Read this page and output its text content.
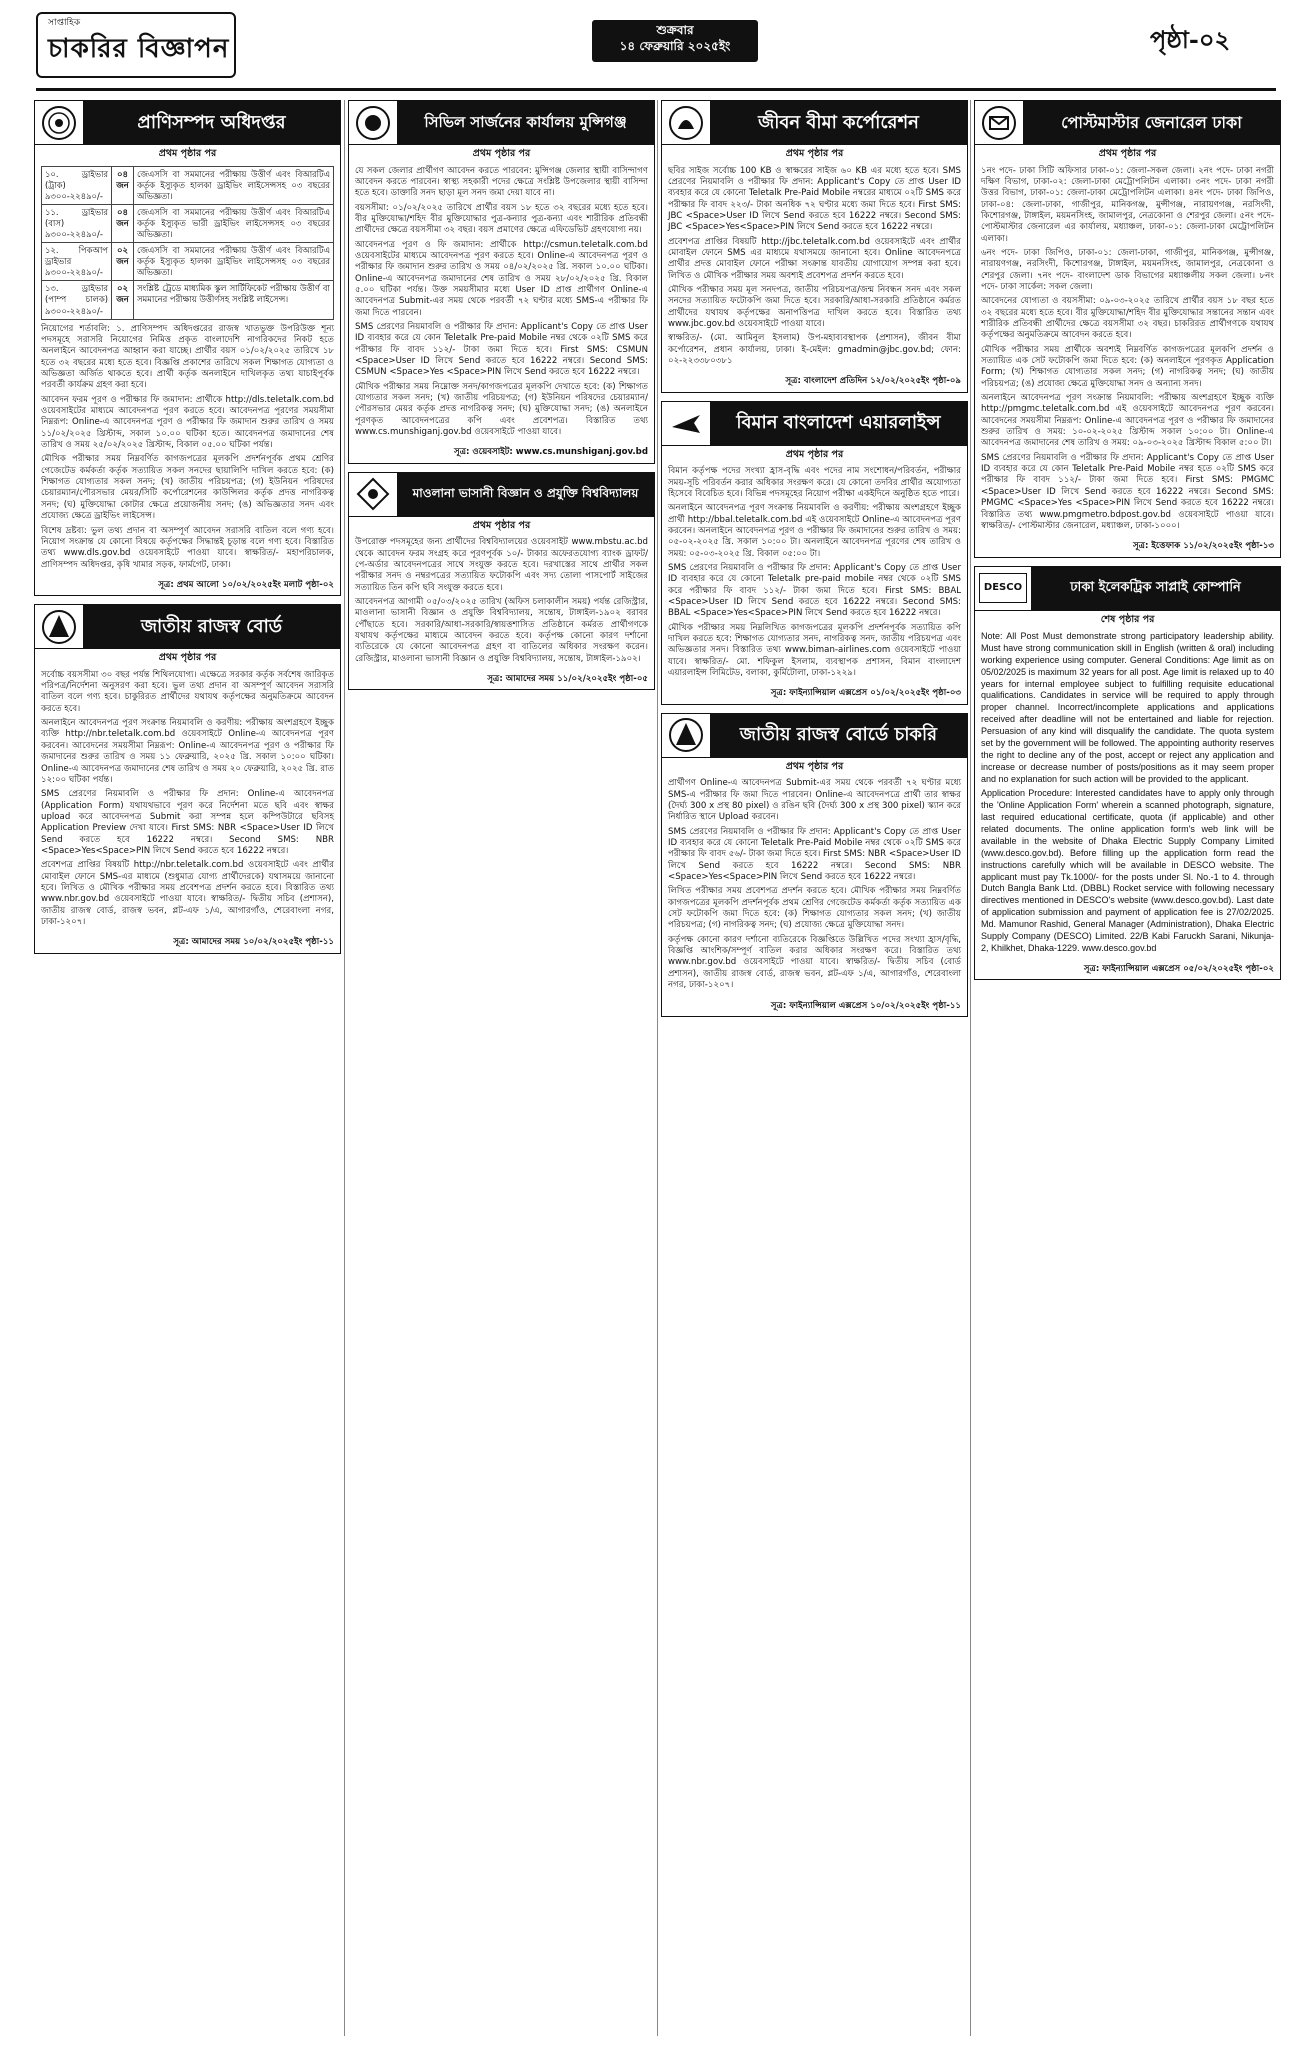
সাপ্তাহিক
চাকরির বিজ্ঞাপন
শুক্রবার
১৪ ফেব্রুয়ারি ২০২৫ইং	পৃষ্ঠা-০২
প্রাণিসম্পদ অধিদপ্তর
প্রথম পৃষ্ঠার পর
১০. ড্রাইভার (ট্রাক) ৯৩০০-২২৪৯০/-	০৪ জন	জেএসসি বা সমমানের পরীক্ষায় উত্তীর্ণ এবং বিআরটিএ কর্তৃক ইস্যুকৃত হালকা ড্রাইভিং লাইসেন্সসহ ০৩ বছরের অভিজ্ঞতা।
১১. ড্রাইভার (বাস) ৯৩০০-২২৪৯০/-	০৪ জন	জেএসসি বা সমমানের পরীক্ষায় উত্তীর্ণ এবং বিআরটিএ কর্তৃক ইস্যুকৃত ভারী ড্রাইভিং লাইসেন্সসহ ০৩ বছরের অভিজ্ঞতা।
১২. পিকআপ ড্রাইভার ৯৩০০-২২৪৯০/-	০২ জন	জেএসসি বা সমমানের পরীক্ষায় উত্তীর্ণ এবং বিআরটিএ কর্তৃক ইস্যুকৃত হালকা ড্রাইভিং লাইসেন্সসহ ০৩ বছরের অভিজ্ঞতা।
১৩. ড্রাইভার (পাম্প চালক) ৯৩০০-২২৪৯০/-	০২ জন	সংশ্লিষ্ট ট্রেডে মাধ্যমিক স্কুল সার্টিফিকেট পরীক্ষায় উত্তীর্ণ বা সমমানের পরীক্ষায় উত্তীর্ণসহ সংশ্লিষ্ট লাইসেন্স।

নিয়োগের শর্তাবলি: ১. প্রাণিসম্পদ অধিদপ্তরের রাজস্ব খাতভুক্ত উপরিউক্ত শূন্য পদসমূহে সরাসরি নিয়োগের নিমিত্ত প্রকৃত বাংলাদেশি নাগরিকদের নিকট হতে অনলাইনে আবেদনপত্র আহ্বান করা যাচ্ছে। প্রার্থীর বয়স ০১/০২/২০২৫ তারিখে ১৮ হতে ৩২ বছরের মধ্যে হতে হবে। বিজ্ঞপ্তি প্রকাশের তারিখে সকল শিক্ষাগত যোগ্যতা ও অভিজ্ঞতা অর্জিত থাকতে হবে। প্রার্থী কর্তৃক অনলাইনে দাখিলকৃত তথ্য যাচাইপূর্বক পরবর্তী কার্যক্রম গ্রহণ করা হবে।

আবেদন ফরম পূরণ ও পরীক্ষার ফি জমাদান: প্রার্থীকে http://dls.teletalk.com.bd ওয়েবসাইটের মাধ্যমে আবেদনপত্র পূরণ করতে হবে। আবেদনপত্র পূরণের সময়সীমা নিম্নরূপ: Online-এ আবেদনপত্র পূরণ ও পরীক্ষার ফি জমাদান শুরুর তারিখ ও সময় ১১/০২/২০২৫ খ্রিস্টাব্দ, সকাল ১০.০০ ঘটিকা হতে। আবেদনপত্র জমাদানের শেষ তারিখ ও সময় ২৫/০২/২০২৫ খ্রিস্টাব্দ, বিকাল ০৫.০০ ঘটিকা পর্যন্ত।

মৌখিক পরীক্ষার সময় নিম্নবর্ণিত কাগজপত্রের মূলকপি প্রদর্শনপূর্বক প্রথম শ্রেণির গেজেটেড কর্মকর্তা কর্তৃক সত্যায়িত সকল সনদের ছায়ালিপি দাখিল করতে হবে: (ক) শিক্ষাগত যোগ্যতার সকল সনদ; (খ) জাতীয় পরিচয়পত্র; (গ) ইউনিয়ন পরিষদের চেয়ারম্যান/পৌরসভার মেয়র/সিটি কর্পোরেশনের কাউন্সিলর কর্তৃক প্রদত্ত নাগরিকত্ব সনদ; (ঘ) মুক্তিযোদ্ধা কোটার ক্ষেত্রে প্রয়োজনীয় সনদ; (ঙ) অভিজ্ঞতার সনদ এবং প্রযোজ্য ক্ষেত্রে ড্রাইভিং লাইসেন্স।

বিশেষ দ্রষ্টব্য: ভুল তথ্য প্রদান বা অসম্পূর্ণ আবেদন সরাসরি বাতিল বলে গণ্য হবে। নিয়োগ সংক্রান্ত যে কোনো বিষয়ে কর্তৃপক্ষের সিদ্ধান্তই চূড়ান্ত বলে গণ্য হবে। বিস্তারিত তথ্য www.dls.gov.bd ওয়েবসাইটে পাওয়া যাবে। স্বাক্ষরিত/- মহাপরিচালক, প্রাণিসম্পদ অধিদপ্তর, কৃষি খামার সড়ক, ফার্মগেট, ঢাকা।

সূত্র: প্রথম আলো ১০/০২/২০২৫ইং মলাট পৃষ্ঠা-০২
জাতীয় রাজস্ব বোর্ড
প্রথম পৃষ্ঠার পর

সর্বোচ্চ বয়সসীমা ৩০ বছর পর্যন্ত শিথিলযোগ্য। এক্ষেত্রে সরকার কর্তৃক সর্বশেষ জারিকৃত পরিপত্র/নির্দেশনা অনুসরণ করা হবে। ভুল তথ্য প্রদান বা অসম্পূর্ণ আবেদন সরাসরি বাতিল বলে গণ্য হবে। চাকুরিরত প্রার্থীদের যথাযথ কর্তৃপক্ষের অনুমতিক্রমে আবেদন করতে হবে।

অনলাইনে আবেদনপত্র পূরণ সংক্রান্ত নিয়মাবলি ও করণীয়: পরীক্ষায় অংশগ্রহণে ইচ্ছুক ব্যক্তি http://nbr.teletalk.com.bd ওয়েবসাইটে Online-এ আবেদনপত্র পূরণ করবেন। আবেদনের সময়সীমা নিম্নরূপ: Online-এ আবেদনপত্র পূরণ ও পরীক্ষার ফি জমাদানের শুরুর তারিখ ও সময় ১১ ফেব্রুয়ারি, ২০২৫ খ্রি. সকাল ১০:০০ ঘটিকা। Online-এ আবেদনপত্র জমাদানের শেষ তারিখ ও সময় ২০ ফেব্রুয়ারি, ২০২৫ খ্রি. রাত ১২:০০ ঘটিকা পর্যন্ত।

SMS প্রেরণের নিয়মাবলি ও পরীক্ষার ফি প্রদান: Online-এ আবেদনপত্র (Application Form) যথাযথভাবে পূরণ করে নির্দেশনা মতে ছবি এবং স্বাক্ষর upload করে আবেদনপত্র Submit করা সম্পন্ন হলে কম্পিউটারে ছবিসহ Application Preview দেখা যাবে। First SMS: NBR <Space>User ID লিখে Send করতে হবে 16222 নম্বরে। Second SMS: NBR <Space>Yes<Space>PIN লিখে Send করতে হবে 16222 নম্বরে।

প্রবেশপত্র প্রাপ্তির বিষয়টি http://nbr.teletalk.com.bd ওয়েবসাইটে এবং প্রার্থীর মোবাইল ফোনে SMS-এর মাধ্যমে (শুধুমাত্র যোগ্য প্রার্থীদেরকে) যথাসময়ে জানানো হবে। লিখিত ও মৌখিক পরীক্ষার সময় প্রবেশপত্র প্রদর্শন করতে হবে। বিস্তারিত তথ্য www.nbr.gov.bd ওয়েবসাইটে পাওয়া যাবে। স্বাক্ষরিত/- দ্বিতীয় সচিব (প্রশাসন), জাতীয় রাজস্ব বোর্ড, রাজস্ব ভবন, প্লট-এফ ১/এ, আগারগাঁও, শেরেবাংলা নগর, ঢাকা-১২০৭।

সূত্র: আমাদের সময় ১০/০২/২০২৫ইং পৃষ্ঠা-১১
সিভিল সার্জনের কার্যালয় মুন্সিগঞ্জ
প্রথম পৃষ্ঠার পর

যে সকল জেলার প্রার্থীগণ আবেদন করতে পারবেন: মুন্সিগঞ্জ জেলার স্থায়ী বাসিন্দাগণ আবেদন করতে পারবেন। স্বাস্থ্য সহকারী পদের ক্ষেত্রে সংশ্লিষ্ট উপজেলার স্থায়ী বাসিন্দা হতে হবে। ডাক্তারি সনদ ছাড়া মূল সনদ জমা দেয়া যাবে না।

বয়সসীমা: ০১/০২/২০২৫ তারিখে প্রার্থীর বয়স ১৮ হতে ৩২ বছরের মধ্যে হতে হবে। বীর মুক্তিযোদ্ধা/শহিদ বীর মুক্তিযোদ্ধার পুত্র-কন্যার পুত্র-কন্যা এবং শারীরিক প্রতিবন্ধী প্রার্থীদের ক্ষেত্রে বয়সসীমা ৩২ বছর। বয়স প্রমাণের ক্ষেত্রে এফিডেভিট গ্রহণযোগ্য নয়।

আবেদনপত্র পূরণ ও ফি জমাদান: প্রার্থীকে http://csmun.teletalk.com.bd ওয়েবসাইটের মাধ্যমে আবেদনপত্র পূরণ করতে হবে। Online-এ আবেদনপত্র পূরণ ও পরীক্ষার ফি জমাদান শুরুর তারিখ ও সময় ০৪/০২/২০২৫ খ্রি. সকাল ১০.০০ ঘটিকা। Online-এ আবেদনপত্র জমাদানের শেষ তারিখ ও সময় ২৮/০২/২০২৫ খ্রি. বিকাল ৫.০০ ঘটিকা পর্যন্ত। উক্ত সময়সীমার মধ্যে User ID প্রাপ্ত প্রার্থীগণ Online-এ আবেদনপত্র Submit-এর সময় থেকে পরবর্তী ৭২ ঘণ্টার মধ্যে SMS-এ পরীক্ষার ফি জমা দিতে পারবেন।

SMS প্রেরণের নিয়মাবলি ও পরীক্ষার ফি প্রদান: Applicant's Copy তে প্রাপ্ত User ID ব্যবহার করে যে কোন Teletalk Pre-paid Mobile নম্বর থেকে ০২টি SMS করে পরীক্ষার ফি বাবদ ১১২/- টাকা জমা দিতে হবে। First SMS: CSMUN <Space>User ID লিখে Send করতে হবে 16222 নম্বরে। Second SMS: CSMUN <Space>Yes <Space>PIN লিখে Send করতে হবে 16222 নম্বরে।

মৌখিক পরীক্ষার সময় নিম্নোক্ত সনদ/কাগজপত্রের মূলকপি দেখাতে হবে: (ক) শিক্ষাগত যোগ্যতার সকল সনদ; (খ) জাতীয় পরিচয়পত্র; (গ) ইউনিয়ন পরিষদের চেয়ারম্যান/পৌরসভার মেয়র কর্তৃক প্রদত্ত নাগরিকত্ব সনদ; (ঘ) মুক্তিযোদ্ধা সনদ; (ঙ) অনলাইনে পূরণকৃত আবেদনপত্রের কপি এবং প্রবেশপত্র। বিস্তারিত তথ্য www.cs.munshiganj.gov.bd ওয়েবসাইটে পাওয়া যাবে।

সূত্র: ওয়েবসাইট: www.cs.munshiganj.gov.bd
মাওলানা ভাসানী বিজ্ঞান ও প্রযুক্তি বিশ্ববিদ্যালয়
প্রথম পৃষ্ঠার পর

উপরোক্ত পদসমূহের জন্য প্রার্থীদের বিশ্ববিদ্যালয়ের ওয়েবসাইট www.mbstu.ac.bd থেকে আবেদন ফরম সংগ্রহ করে পূরণপূর্বক ১০/- টাকার অফেরতযোগ্য ব্যাংক ড্রাফট/পে-অর্ডার আবেদনপত্রের সাথে সংযুক্ত করতে হবে। দরখাস্তের সাথে প্রার্থীর সকল পরীক্ষার সনদ ও নম্বরপত্রের সত্যায়িত ফটোকপি এবং সদ্য তোলা পাসপোর্ট সাইজের সত্যায়িত তিন কপি ছবি সংযুক্ত করতে হবে।

আবেদনপত্র আগামী ০৫/০৩/২০২৫ তারিখ (অফিস চলাকালীন সময়) পর্যন্ত রেজিস্ট্রার, মাওলানা ভাসানী বিজ্ঞান ও প্রযুক্তি বিশ্ববিদ্যালয়, সন্তোষ, টাঙ্গাইল-১৯০২ বরাবর পৌঁছাতে হবে। সরকারি/আধা-সরকারি/স্বায়ত্তশাসিত প্রতিষ্ঠানে কর্মরত প্রার্থীগণকে যথাযথ কর্তৃপক্ষের মাধ্যমে আবেদন করতে হবে। কর্তৃপক্ষ কোনো কারণ দর্শানো ব্যতিরেকে যে কোনো আবেদনপত্র গ্রহণ বা বাতিলের অধিকার সংরক্ষণ করেন। রেজিস্ট্রার, মাওলানা ভাসানী বিজ্ঞান ও প্রযুক্তি বিশ্ববিদ্যালয়, সন্তোষ, টাঙ্গাইল-১৯০২।

সূত্র: আমাদের সময় ১১/০২/২০২৫ইং পৃষ্ঠা-০৫
জীবন বীমা কর্পোরেশন
প্রথম পৃষ্ঠার পর

ছবির সাইজ সর্বোচ্চ 100 KB ও স্বাক্ষরের সাইজ ৬০ KB এর মধ্যে হতে হবে। SMS প্রেরণের নিয়মাবলি ও পরীক্ষার ফি প্রদান: Applicant's Copy তে প্রাপ্ত User ID ব্যবহার করে যে কোনো Teletalk Pre-Paid Mobile নম্বরের মাধ্যমে ০২টি SMS করে পরীক্ষার ফি বাবদ ২২৩/- টাকা অনধিক ৭২ ঘণ্টার মধ্যে জমা দিতে হবে। First SMS: JBC <Space>User ID লিখে Send করতে হবে 16222 নম্বরে। Second SMS: JBC <Space>Yes<Space>PIN লিখে Send করতে হবে 16222 নম্বরে।

প্রবেশপত্র প্রাপ্তির বিষয়টি http://jbc.teletalk.com.bd ওয়েবসাইটে এবং প্রার্থীর মোবাইল ফোনে SMS এর মাধ্যমে যথাসময়ে জানানো হবে। Online আবেদনপত্রে প্রার্থীর প্রদত্ত মোবাইল ফোনে পরীক্ষা সংক্রান্ত যাবতীয় যোগাযোগ সম্পন্ন করা হবে। লিখিত ও মৌখিক পরীক্ষার সময় অবশ্যই প্রবেশপত্র প্রদর্শন করতে হবে।

মৌখিক পরীক্ষার সময় মূল সনদপত্র, জাতীয় পরিচয়পত্র/জন্ম নিবন্ধন সনদ এবং সকল সনদের সত্যায়িত ফটোকপি জমা দিতে হবে। সরকারি/আধা-সরকারি প্রতিষ্ঠানে কর্মরত প্রার্থীদের যথাযথ কর্তৃপক্ষের অনাপত্তিপত্র দাখিল করতে হবে। বিস্তারিত তথ্য www.jbc.gov.bd ওয়েবসাইটে পাওয়া যাবে।

স্বাক্ষরিত/- (মো. আমিনুল ইসলাম) উপ-মহাব্যবস্থাপক (প্রশাসন), জীবন বীমা কর্পোরেশন, প্রধান কার্যালয়, ঢাকা। ই-মেইল: gmadmin@jbc.gov.bd; ফোন: ০২-২২৩৩৮০৩৮১

সূত্র: বাংলাদেশ প্রতিদিন ১২/০২/২০২৫ইং পৃষ্ঠা-০৯
বিমান বাংলাদেশ এয়ারলাইন্স
প্রথম পৃষ্ঠার পর

বিমান কর্তৃপক্ষ পদের সংখ্যা হ্রাস-বৃদ্ধি এবং পদের নাম সংশোধন/পরিবর্তন, পরীক্ষার সময়-সূচি পরিবর্তন করার অধিকার সংরক্ষণ করে। যে কোনো তদবির প্রার্থীর অযোগ্যতা হিসেবে বিবেচিত হবে। বিভিন্ন পদসমূহের নিয়োগ পরীক্ষা একইদিনে অনুষ্ঠিত হতে পারে।

অনলাইনে আবেদনপত্র পূরণ সংক্রান্ত নিয়মাবলি ও করণীয়: পরীক্ষায় অংশগ্রহণে ইচ্ছুক প্রার্থী http://bbal.teletalk.com.bd এই ওয়েবসাইটে Online-এ আবেদনপত্র পূরণ করবেন। অনলাইনে আবেদনপত্র পূরণ ও পরীক্ষার ফি জমাদানের শুরুর তারিখ ও সময়: ০৫-০২-২০২৫ খ্রি. সকাল ১০:০০ টা। অনলাইনে আবেদনপত্র পূরণের শেষ তারিখ ও সময়: ০৫-০৩-২০২৫ খ্রি. বিকাল ০৫:০০ টা।

SMS প্রেরণের নিয়মাবলি ও পরীক্ষার ফি প্রদান: Applicant's Copy তে প্রাপ্ত User ID ব্যবহার করে যে কোনো Teletalk pre-paid mobile নম্বর থেকে ০২টি SMS করে পরীক্ষার ফি বাবদ ১১২/- টাকা জমা দিতে হবে। First SMS: BBAL <Space>User ID লিখে Send করতে হবে 16222 নম্বরে। Second SMS: BBAL <Space>Yes<Space>PIN লিখে Send করতে হবে 16222 নম্বরে।

মৌখিক পরীক্ষার সময় নিম্নলিখিত কাগজপত্রের মূলকপি প্রদর্শনপূর্বক সত্যায়িত কপি দাখিল করতে হবে: শিক্ষাগত যোগ্যতার সনদ, নাগরিকত্ব সনদ, জাতীয় পরিচয়পত্র এবং অভিজ্ঞতার সনদ। বিস্তারিত তথ্য www.biman-airlines.com ওয়েবসাইটে পাওয়া যাবে। স্বাক্ষরিত/- মো. শফিকুল ইসলাম, ব্যবস্থাপক প্রশাসন, বিমান বাংলাদেশ এয়ারলাইন্স লিমিটেড, বলাকা, কুর্মিটোলা, ঢাকা-১২২৯।

সূত্র: ফাইন্যান্সিয়াল এক্সপ্রেস ০১/০২/২০২৫ইং পৃষ্ঠা-০৩
জাতীয় রাজস্ব বোর্ডে চাকরি
প্রথম পৃষ্ঠার পর

প্রার্থীগণ Online-এ আবেদনপত্র Submit-এর সময় থেকে পরবর্তী ৭২ ঘণ্টার মধ্যে SMS-এ পরীক্ষার ফি জমা দিতে পারবেন। Online-এ আবেদনপত্রে প্রার্থী তার স্বাক্ষর (দৈর্ঘ্য 300 x প্রস্থ 80 pixel) ও রঙিন ছবি (দৈর্ঘ্য 300 x প্রস্থ 300 pixel) স্ক্যান করে নির্ধারিত স্থানে Upload করবেন।

SMS প্রেরণের নিয়মাবলি ও পরীক্ষার ফি প্রদান: Applicant's Copy তে প্রাপ্ত User ID ব্যবহার করে যে কোনো Teletalk Pre-Paid Mobile নম্বর থেকে ০২টি SMS করে পরীক্ষার ফি বাবদ ৫৬/- টাকা জমা দিতে হবে। First SMS: NBR <Space>User ID লিখে Send করতে হবে 16222 নম্বরে। Second SMS: NBR <Space>Yes<Space>PIN লিখে Send করতে হবে 16222 নম্বরে।

লিখিত পরীক্ষার সময় প্রবেশপত্র প্রদর্শন করতে হবে। মৌখিক পরীক্ষার সময় নিম্নবর্ণিত কাগজপত্রের মূলকপি প্রদর্শনপূর্বক প্রথম শ্রেণির গেজেটেড কর্মকর্তা কর্তৃক সত্যায়িত এক সেট ফটোকপি জমা দিতে হবে: (ক) শিক্ষাগত যোগ্যতার সকল সনদ; (খ) জাতীয় পরিচয়পত্র; (গ) নাগরিকত্ব সনদ; (ঘ) প্রযোজ্য ক্ষেত্রে মুক্তিযোদ্ধা সনদ।

কর্তৃপক্ষ কোনো কারণ দর্শানো ব্যতিরেকে বিজ্ঞপ্তিতে উল্লিখিত পদের সংখ্যা হ্রাস/বৃদ্ধি, বিজ্ঞপ্তি আংশিক/সম্পূর্ণ বাতিল করার অধিকার সংরক্ষণ করে। বিস্তারিত তথ্য www.nbr.gov.bd ওয়েবসাইটে পাওয়া যাবে। স্বাক্ষরিত/- দ্বিতীয় সচিব (বোর্ড প্রশাসন), জাতীয় রাজস্ব বোর্ড, রাজস্ব ভবন, প্লট-এফ ১/এ, আগারগাঁও, শেরেবাংলা নগর, ঢাকা-১২০৭।

সূত্র: ফাইন্যান্সিয়াল এক্সপ্রেস ১০/০২/২০২৫ইং পৃষ্ঠা-১১
পোস্টমাস্টার জেনারেল ঢাকা
প্রথম পৃষ্ঠার পর

১নং পদে- ঢাকা সিটি অফিসার ঢাকা-০১: জেলা-সকল জেলা। ২নং পদে- ঢাকা নগরী দক্ষিণ বিভাগ, ঢাকা-০২: জেলা-ঢাকা মেট্রোপলিটন এলাকা। ৩নং পদে- ঢাকা নগরী উত্তর বিভাগ, ঢাকা-০১: জেলা-ঢাকা মেট্রোপলিটন এলাকা। ৪নং পদে- ঢাকা জিপিও, ঢাকা-০৪: জেলা-ঢাকা, গাজীপুর, মানিকগঞ্জ, মুন্সীগঞ্জ, নারায়ণগঞ্জ, নরসিংদী, কিশোরগঞ্জ, টাঙ্গাইল, ময়মনসিংহ, জামালপুর, নেত্রকোনা ও শেরপুর জেলা। ৫নং পদে- পোস্টমাস্টার জেনারেল এর কার্যালয়, মধ্যাঞ্চল, ঢাকা-০১: জেলা-ঢাকা মেট্রোপলিটন এলাকা।

৬নং পদে- ঢাকা জিপিও, ঢাকা-০১: জেলা-ঢাকা, গাজীপুর, মানিকগঞ্জ, মুন্সীগঞ্জ, নারায়ণগঞ্জ, নরসিংদী, কিশোরগঞ্জ, টাঙ্গাইল, ময়মনসিংহ, জামালপুর, নেত্রকোনা ও শেরপুর জেলা। ৭নং পদে- বাংলাদেশ ডাক বিভাগের মধ্যাঞ্চলীয় সকল জেলা। ৮নং পদে- ঢাকা সার্কেল: সকল জেলা।

আবেদনের যোগ্যতা ও বয়সসীমা: ০৯-০৩-২০২৫ তারিখে প্রার্থীর বয়স ১৮ বছর হতে ৩২ বছরের মধ্যে হতে হবে। বীর মুক্তিযোদ্ধা/শহিদ বীর মুক্তিযোদ্ধার সন্তানের সন্তান এবং শারীরিক প্রতিবন্ধী প্রার্থীদের ক্ষেত্রে বয়সসীমা ৩২ বছর। চাকরিরত প্রার্থীগণকে যথাযথ কর্তৃপক্ষের অনুমতিক্রমে আবেদন করতে হবে।

মৌখিক পরীক্ষার সময় প্রার্থীকে অবশ্যই নিম্নবর্ণিত কাগজপত্রের মূলকপি প্রদর্শন ও সত্যায়িত এক সেট ফটোকপি জমা দিতে হবে: (ক) অনলাইনে পূরণকৃত Application Form; (খ) শিক্ষাগত যোগ্যতার সকল সনদ; (গ) নাগরিকত্ব সনদ; (ঘ) জাতীয় পরিচয়পত্র; (ঙ) প্রযোজ্য ক্ষেত্রে মুক্তিযোদ্ধা সনদ ও অন্যান্য সনদ।

অনলাইনে আবেদনপত্র পূরণ সংক্রান্ত নিয়মাবলি: পরীক্ষায় অংশগ্রহণে ইচ্ছুক ব্যক্তি http://pmgmc.teletalk.com.bd এই ওয়েবসাইটে আবেদনপত্র পূরণ করবেন। আবেদনের সময়সীমা নিম্নরূপ: Online-এ আবেদনপত্র পূরণ ও পরীক্ষার ফি জমাদানের শুরুর তারিখ ও সময়: ১০-০২-২০২৫ খ্রিস্টাব্দ সকাল ১০:০০ টা। Online-এ আবেদনপত্র জমাদানের শেষ তারিখ ও সময়: ০৯-০৩-২০২৫ খ্রিস্টাব্দ বিকাল ৫:০০ টা।

SMS প্রেরণের নিয়মাবলি ও পরীক্ষার ফি প্রদান: Applicant's Copy তে প্রাপ্ত User ID ব্যবহার করে যে কোন Teletalk Pre-Paid Mobile নম্বর হতে ০২টি SMS করে পরীক্ষার ফি বাবদ ১১২/- টাকা জমা দিতে হবে। First SMS: PMGMC <Space>User ID লিখে Send করতে হবে 16222 নম্বরে। Second SMS: PMGMC <Space>Yes <Space>PIN লিখে Send করতে হবে 16222 নম্বরে। বিস্তারিত তথ্য www.pmgmetro.bdpost.gov.bd ওয়েবসাইটে পাওয়া যাবে। স্বাক্ষরিত/- পোস্টমাস্টার জেনারেল, মধ্যাঞ্চল, ঢাকা-১০০০।

সূত্র: ইত্তেফাক ১১/০২/২০২৫ইং পৃষ্ঠা-১৩
DESCO	ঢাকা ইলেকট্রিক সাপ্লাই কোম্পানি
শেষ পৃষ্ঠার পর

Note: All Post Must demonstrate strong participatory leadership ability. Must have strong communication skill in English (written & oral) including working experience using computer. General Conditions: Age limit as on 05/02/2025 is maximum 32 years for all post. Age limit is relaxed up to 40 years for internal employee subject to fulfilling requisite educational qualifications. Candidates in service will be required to apply through proper channel. Incorrect/incomplete applications and applications received after deadline will not be entertained and liable for rejection. Persuasion of any kind will disqualify the candidate. The quota system set by the government will be followed. The appointing authority reserves the right to decline any of the post, accept or reject any application and increase or decrease number of posts/positions as it may seem proper and no explanation for such action will be provided to the applicant.

Application Procedure: Interested candidates have to apply only through the 'Online Application Form' wherein a scanned photograph, signature, last required educational certificate, quota (if applicable) and other related documents. The online application form's web link will be available in the website of Dhaka Electric Supply Company Limited (www.desco.gov.bd). Before filling up the application form read the instructions carefully which will be available in DESCO website. The applicant must pay Tk.1000/- for the posts under Sl. No.-1 to 4. through Dutch Bangla Bank Ltd. (DBBL) Rocket service with following necessary directives mentioned in DESCO's website (www.desco.gov.bd). Last date of application submission and payment of application fee is 27/02/2025. Md. Mamunor Rashid, General Manager (Administration), Dhaka Electric Supply Company (DESCO) Limited. 22/B Kabi Faruckh Sarani, Nikunja-2, Khilkhet, Dhaka-1229. www.desco.gov.bd

সূত্র: ফাইন্যান্সিয়াল এক্সপ্রেস ০৫/০২/২০২৫ইং পৃষ্ঠা-০২
